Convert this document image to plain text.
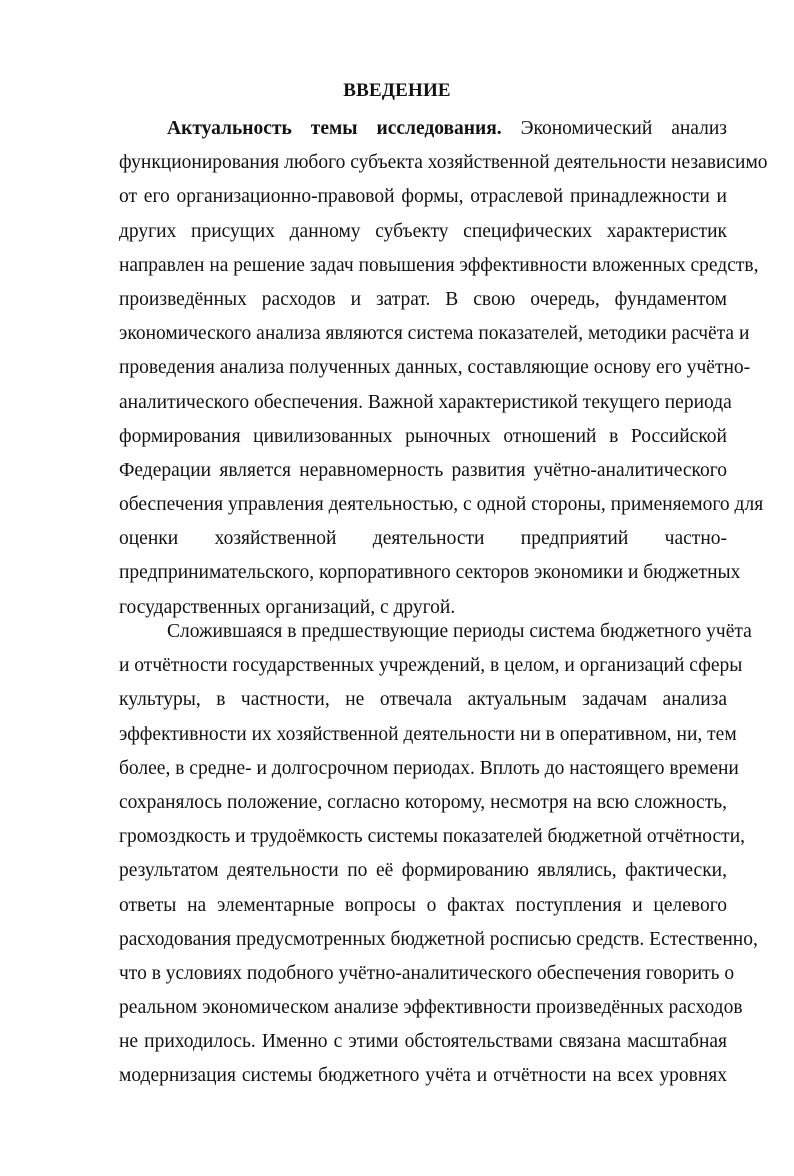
ВВЕДЕНИЕ
Актуальность темы исследования. Экономический анализ
функционирования любого субъекта хозяйственной деятельности независимо
от его организационно-правовой формы, отраслевой принадлежности и
других присущих данному субъекту специфических характеристик
направлен на решение задач повышения эффективности вложенных средств,
произведённых расходов и затрат. В свою очередь, фундаментом
экономического анализа являются система показателей, методики расчёта и
проведения анализа полученных данных, составляющие основу его учётно-
аналитического обеспечения. Важной характеристикой текущего периода
формирования цивилизованных рыночных отношений в Российской
Федерации является неравномерность развития учётно-аналитического
обеспечения управления деятельностью, с одной стороны, применяемого для
оценки хозяйственной деятельности предприятий частно-
предпринимательского, корпоративного секторов экономики и бюджетных
государственных организаций, с другой.
Сложившаяся в предшествующие периоды система бюджетного учёта
и отчётности государственных учреждений, в целом, и организаций сферы
культуры, в частности, не отвечала актуальным задачам анализа
эффективности их хозяйственной деятельности ни в оперативном, ни, тем
более, в средне- и долгосрочном периодах. Вплоть до настоящего времени
сохранялось положение, согласно которому, несмотря на всю сложность,
громоздкость и трудоёмкость системы показателей бюджетной отчётности,
результатом деятельности по её формированию являлись, фактически,
ответы на элементарные вопросы о фактах поступления и целевого
расходования предусмотренных бюджетной росписью средств. Естественно,
что в условиях подобного учётно-аналитического обеспечения говорить о
реальном экономическом анализе эффективности произведённых расходов
не приходилось. Именно с этими обстоятельствами связана масштабная
модернизация системы бюджетного учёта и отчётности на всех уровнях
